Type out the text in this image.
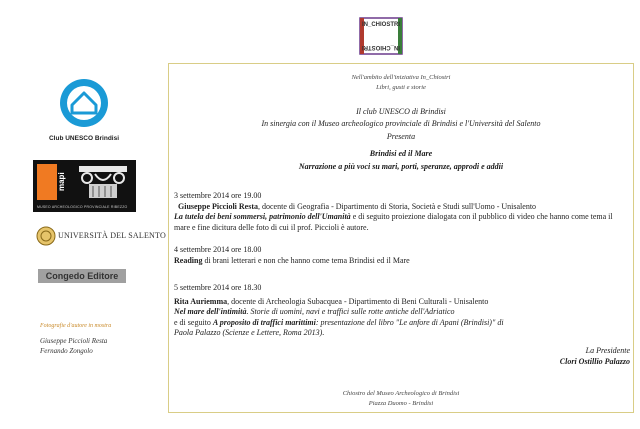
IN_CHIOSTRI
IN_CHIOSTRI
Nell'ambito dell'iniziativa In_Chiostri
Libri, gusti e storie
Il club UNESCO di Brindisi
In sinergia con il Museo archeologico provinciale di Brindisi e l'Università del Salento
Presenta
Brindisi ed il Mare
Narrazione a più voci su mari, porti, speranze, approdi e addii
3 settembre 2014 ore 19.00
Giuseppe Piccioli Resta, docente di Geografia - Dipartimento di Storia, Società e Studi sull'Uomo - Unisalento
La tutela dei beni sommersi, patrimonio dell'Umanità e di seguito proiezione dialogata con il pubblico di video che hanno come tema il mare e fine dicitura delle foto di cui il prof. Piccioli è autore.
4 settembre 2014 ore 18.00
Reading di brani letterari e non che hanno come tema Brindisi ed il Mare
5 settembre 2014 ore 18.30
Rita Auriemma, docente di Archeologia Subacquea - Dipartimento di Beni Culturali - Unisalento
Nel mare dell'intimità. Storie di uomini, navi e traffici sulle rotte antiche dell'Adriatico
e di seguito A proposito di traffici marittimi: presentazione del libro "Le anfore di Apani (Brindisi)" di
Paola Palazzo (Scienze e Lettere, Roma 2013).
La Presidente
Clori Ostillio Palazzo
Chiostro del Museo Archeologico di Brindisi
Piazza Duomo - Brindisi
Club UNESCO Brindisi
mapi
MUSEO ARCHEOLOGICO PROVINCIALE RIBEZZO
UNIVERSITÀ DEL SALENTO
Congedo Editore
Fotografie d'autore in mostra
Giuseppe Piccioli Resta
Fernando Zongolo
